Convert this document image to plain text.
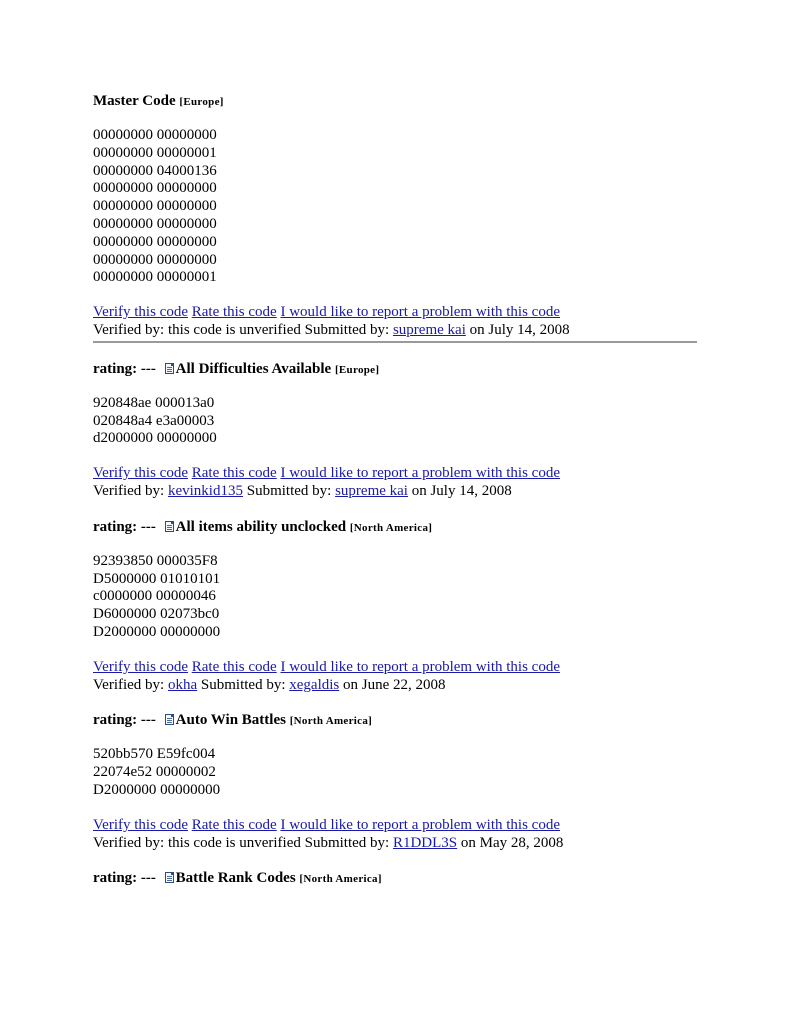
Master Code [Europe]
00000000 00000000
00000000 00000001
00000000 04000136
00000000 00000000
00000000 00000000
00000000 00000000
00000000 00000000
00000000 00000000
00000000 00000001
Verify this code Rate this code I would like to report a problem with this code
Verified by: this code is unverified Submitted by: supreme kai on July 14, 2008
rating: --- All Difficulties Available [Europe]
920848ae 000013a0
020848a4 e3a00003
d2000000 00000000
Verify this code Rate this code I would like to report a problem with this code
Verified by: kevinkid135 Submitted by: supreme kai on July 14, 2008
rating: --- All items ability unclocked [North America]
92393850 000035F8
D5000000 01010101
c0000000 00000046
D6000000 02073bc0
D2000000 00000000
Verify this code Rate this code I would like to report a problem with this code
Verified by: okha Submitted by: xegaldis on June 22, 2008
rating: --- Auto Win Battles [North America]
520bb570 E59fc004
22074e52 00000002
D2000000 00000000
Verify this code Rate this code I would like to report a problem with this code
Verified by: this code is unverified Submitted by: R1DDL3S on May 28, 2008
rating: --- Battle Rank Codes [North America]
